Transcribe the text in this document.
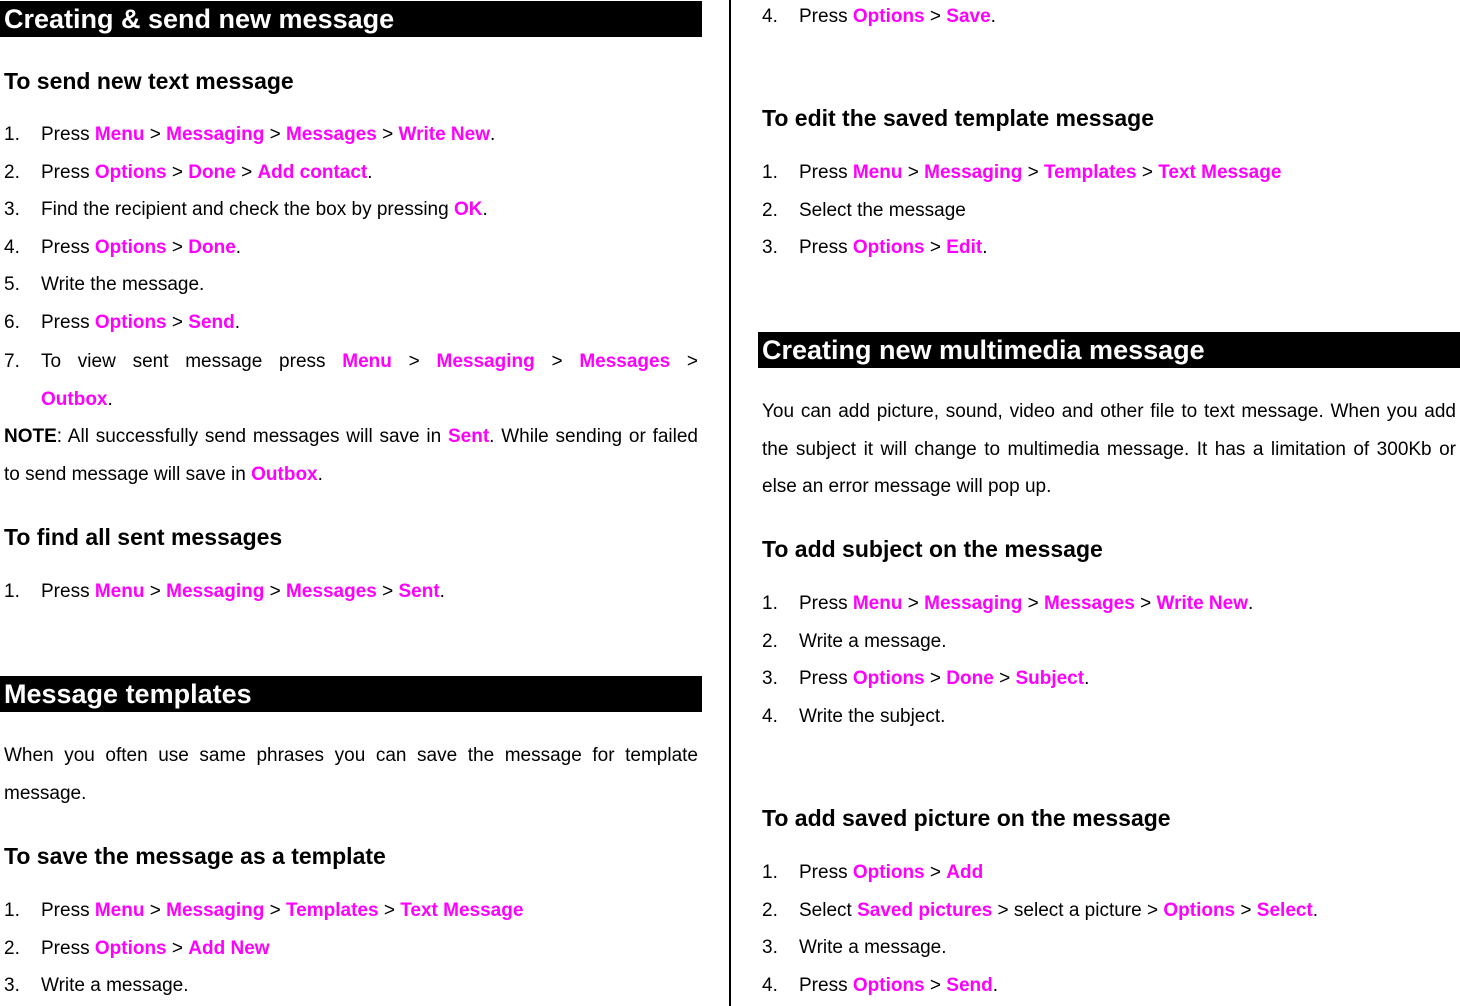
Creating & send new message
To send new text message
1. Press Menu > Messaging > Messages > Write New.
2. Press Options > Done > Add contact.
3. Find the recipient and check the box by pressing OK.
4. Press Options > Done.
5. Write the message.
6. Press Options > Send.
7. To view sent message press Menu > Messaging > Messages >
Outbox.
NOTE: All successfully send messages will save in Sent. While sending or failed to send message will save in Outbox.
To find all sent messages
1. Press Menu > Messaging > Messages > Sent.
Message templates
When you often use same phrases you can save the message for template message.
To save the message as a template
1. Press Menu > Messaging > Templates > Text Message
2. Press Options > Add New
3. Write a message.
4. Press Options > Save.
To edit the saved template message
1. Press Menu > Messaging > Templates > Text Message
2. Select the message
3. Press Options > Edit.
Creating new multimedia message
You can add picture, sound, video and other file to text message. When you add the subject it will change to multimedia message. It has a limitation of 300Kb or else an error message will pop up.
To add subject on the message
1. Press Menu > Messaging > Messages > Write New.
2. Write a message.
3. Press Options > Done > Subject.
4. Write the subject.
To add saved picture on the message
1. Press Options > Add
2. Select Saved pictures > select a picture > Options > Select.
3. Write a message.
4. Press Options > Send.
